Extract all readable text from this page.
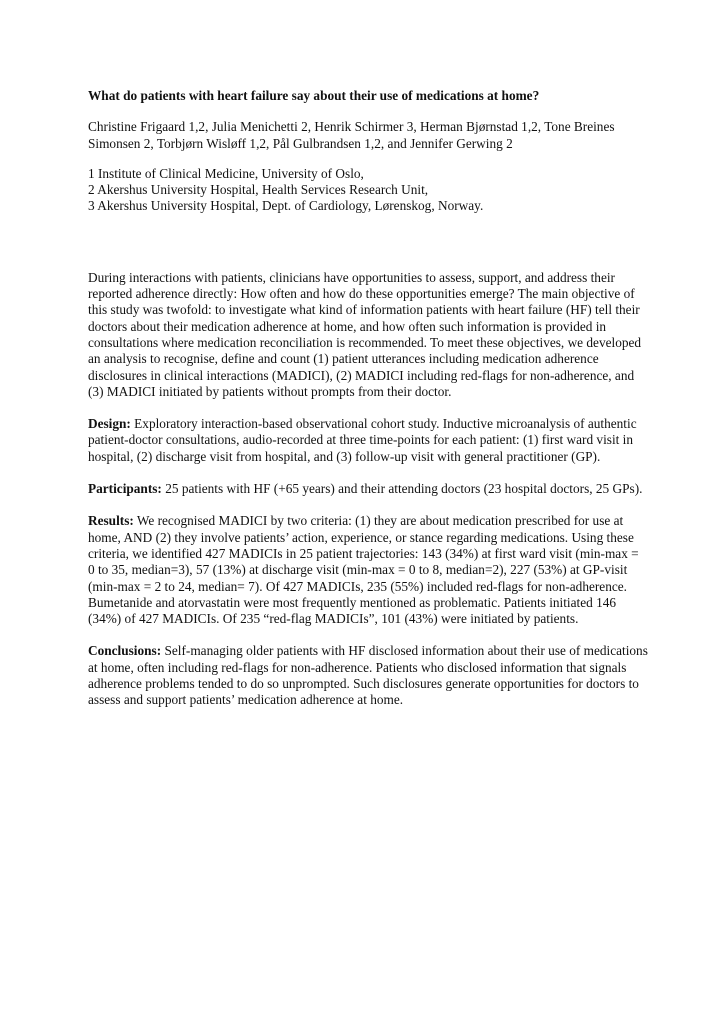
What do patients with heart failure say about their use of medications at home?

Christine Frigaard 1,2, Julia Menichetti 2, Henrik Schirmer 3, Herman Bjørnstad 1,2, Tone Breines Simonsen 2, Torbjørn Wisløff 1,2, Pål Gulbrandsen 1,2, and Jennifer Gerwing 2

1 Institute of Clinical Medicine, University of Oslo,
2 Akershus University Hospital, Health Services Research Unit,
3 Akershus University Hospital, Dept. of Cardiology, Lørenskog, Norway.

During interactions with patients, clinicians have opportunities to assess, support, and address their reported adherence directly: How often and how do these opportunities emerge? The main objective of this study was twofold: to investigate what kind of information patients with heart failure (HF) tell their doctors about their medication adherence at home, and how often such information is provided in consultations where medication reconciliation is recommended. To meet these objectives, we developed an analysis to recognise, define and count (1) patient utterances including medication adherence disclosures in clinical interactions (MADICI), (2) MADICI including red-flags for non-adherence, and (3) MADICI initiated by patients without prompts from their doctor.

Design: Exploratory interaction-based observational cohort study. Inductive microanalysis of authentic patient-doctor consultations, audio-recorded at three time-points for each patient: (1) first ward visit in hospital, (2) discharge visit from hospital, and (3) follow-up visit with general practitioner (GP).

Participants: 25 patients with HF (+65 years) and their attending doctors (23 hospital doctors, 25 GPs).

Results: We recognised MADICI by two criteria: (1) they are about medication prescribed for use at home, AND (2) they involve patients’ action, experience, or stance regarding medications. Using these criteria, we identified 427 MADICIs in 25 patient trajectories: 143 (34%) at first ward visit (min-max = 0 to 35, median=3), 57 (13%) at discharge visit (min-max = 0 to 8, median=2), 227 (53%) at GP-visit (min-max = 2 to 24, median= 7). Of 427 MADICIs, 235 (55%) included red-flags for non-adherence. Bumetanide and atorvastatin were most frequently mentioned as problematic. Patients initiated 146 (34%) of 427 MADICIs. Of 235 “red-flag MADICIs”, 101 (43%) were initiated by patients.

Conclusions: Self-managing older patients with HF disclosed information about their use of medications at home, often including red-flags for non-adherence. Patients who disclosed information that signals adherence problems tended to do so unprompted. Such disclosures generate opportunities for doctors to assess and support patients’ medication adherence at home.
